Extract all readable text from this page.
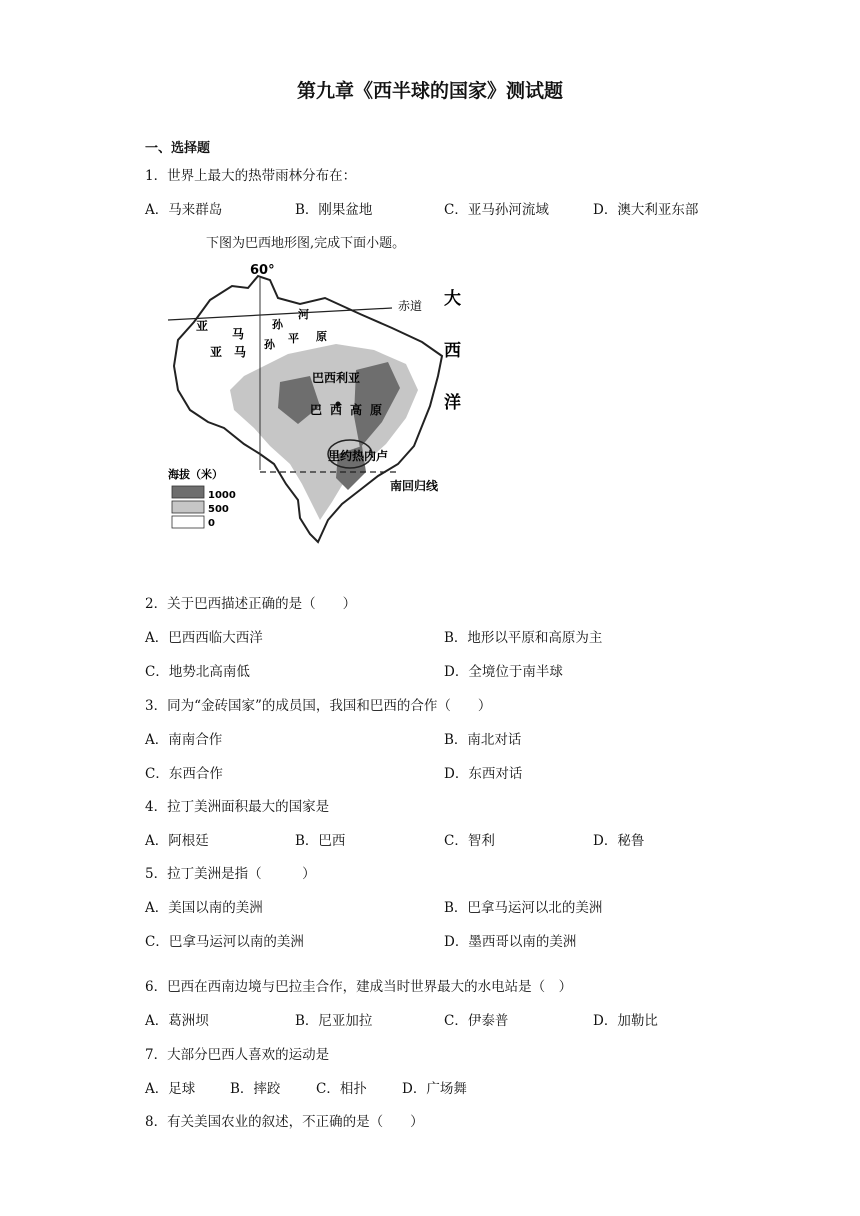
第九章《西半球的国家》测试题
一、选择题
1．世界上最大的热带雨林分布在：
A．马来群岛	B．刚果盆地	C．亚马孙河流域	D．澳大利亚东部
下图为巴西地形图,完成下面小题。
60°
赤道 大
西
洋
亚
马
孙
河
亚 马
孙 平 原
巴西利亚
巴 西 高 原
里约热内卢
南回归线
海拔（米）
1000
500
0
2．关于巴西描述正确的是（　　）
A．巴西西临大西洋	B．地形以平原和高原为主
C．地势北高南低	D．全境位于南半球
3．同为“金砖国家”的成员国，我国和巴西的合作（　　）
A．南南合作	B．南北对话
C．东西合作	D．东西对话
4．拉丁美洲面积最大的国家是
A．阿根廷	B．巴西	C．智利	D．秘鲁
5．拉丁美洲是指（　　　）
A．美国以南的美洲	B．巴拿马运河以北的美洲
C．巴拿马运河以南的美洲	D．墨西哥以南的美洲
6．巴西在西南边境与巴拉圭合作，建成当时世界最大的水电站是（　）
A．葛洲坝	B．尼亚加拉	C．伊泰普	D．加勒比
7．大部分巴西人喜欢的运动是
A．足球	B．摔跤	C．相扑	D．广场舞
8．有关美国农业的叙述，不正确的是（　　）
